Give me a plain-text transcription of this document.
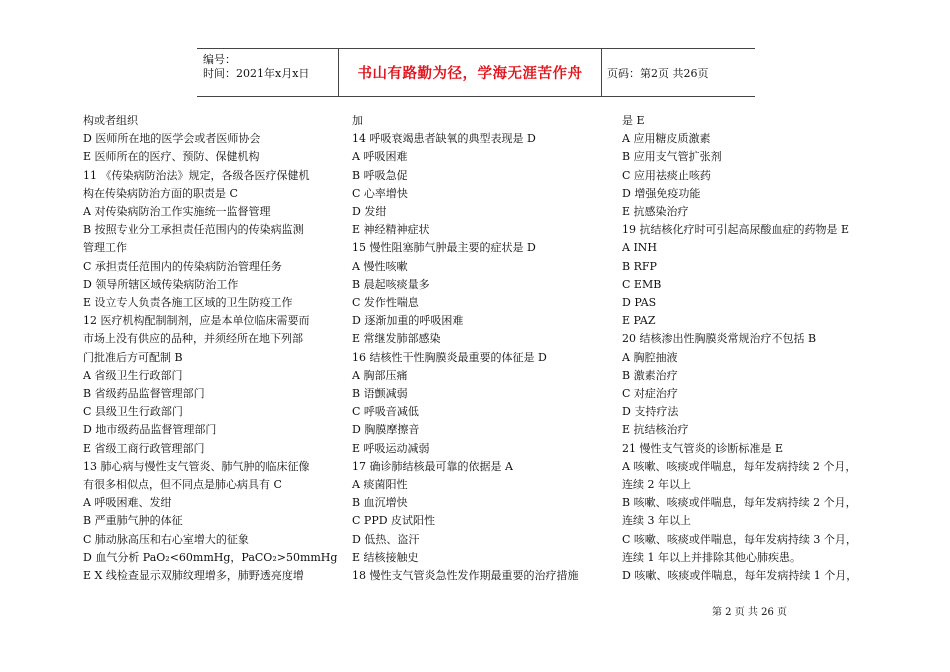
编号：
时间：2021年x月x日	书山有路勤为径，学海无涯苦作舟 页码：第2页 共26页
构或者组织
D 医师所在地的医学会或者医师协会
E 医师所在的医疗、预防、保健机构
11 《传染病防治法》规定，各级各医疗保健机
构在传染病防治方面的职责是 C
A 对传染病防治工作实施统一监督管理
B 按照专业分工承担责任范围内的传染病监测
管理工作
C 承担责任范围内的传染病防治管理任务
D 领导所辖区域传染病防治工作
E 设立专人负责各施工区域的卫生防疫工作
12 医疗机构配制制剂，应是本单位临床需要而
市场上没有供应的品种，并须经所在地下列部
门批准后方可配制 B
A 省级卫生行政部门
B 省级药品监督管理部门
C 县级卫生行政部门
D 地市级药品监督管理部门
E 省级工商行政管理部门
13 肺心病与慢性支气管炎、肺气肿的临床征像
有很多相似点，但不同点是肺心病具有 C
A 呼吸困难、发绀
B 严重肺气肿的体征
C 肺动脉高压和右心室增大的征象
D 血气分析 PaO₂<60mmHg，PaCO₂>50mmHg
E X 线检查显示双肺纹理增多，肺野透亮度增
加
14 呼吸衰竭患者缺氧的典型表现是 D
A 呼吸困难
B 呼吸急促
C 心率增快
D 发绀
E 神经精神症状
15 慢性阻塞肺气肿最主要的症状是 D
A 慢性咳嗽
B 晨起咳痰量多
C 发作性喘息
D 逐渐加重的呼吸困难
E 常继发肺部感染
16 结核性干性胸膜炎最重要的体征是 D
A 胸部压痛
B 语颤减弱
C 呼吸音减低
D 胸膜摩擦音
E 呼吸运动减弱
17 确诊肺结核最可靠的依据是 A
A 痰菌阳性
B 血沉增快
C PPD 皮试阳性
D 低热、盗汗
E 结核接触史
18 慢性支气管炎急性发作期最重要的治疗措施
是 E
A 应用糖皮质激素
B 应用支气管扩张剂
C 应用祛痰止咳药
D 增强免疫功能
E 抗感染治疗
19 抗结核化疗时可引起高尿酸血症的药物是 E
A INH
B RFP
C EMB
D PAS
E PAZ
20 结核渗出性胸膜炎常规治疗不包括 B
A 胸腔抽液
B 激素治疗
C 对症治疗
D 支持疗法
E 抗结核治疗
21 慢性支气管炎的诊断标准是 E
A 咳嗽、咳痰或伴喘息，每年发病持续 2 个月，
连续 2 年以上
B 咳嗽、咳痰或伴喘息，每年发病持续 2 个月，
连续 3 年以上
C 咳嗽、咳痰或伴喘息，每年发病持续 3 个月，
连续 1 年以上并排除其他心肺疾患。
D 咳嗽、咳痰或伴喘息，每年发病持续 1 个月，
第 2 页 共 26 页
